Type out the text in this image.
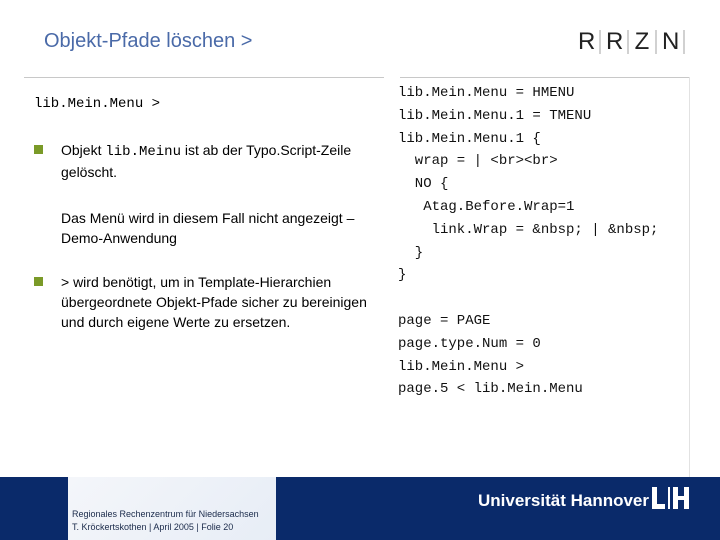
Objekt-Pfade löschen >	R R Z N

lib.Mein.Menu >

Objekt lib.Meinu ist ab der Typo.Script-Zeile gelöscht.
Das Menü wird in diesem Fall nicht angezeigt – Demo-Anwendung
> wird benötigt, um in Template-Hierarchien übergeordnete Objekt-Pfade sicher zu bereinigen und durch eigene Werte zu ersetzen.
lib.Mein.Menu = HMENU
lib.Mein.Menu.1 = TMENU
lib.Mein.Menu.1 {
wrap = | <br><br>
NO {
Atag.Before.Wrap=1
link.Wrap = &nbsp; | &nbsp;
}
}

page = PAGE
page.type.Num = 0
lib.Mein.Menu >
page.5 < lib.Mein.Menu
Universität Hannover
Regionales Rechenzentrum für Niedersachsen
T. Kröckertskothen | April 2005 | Folie 20
